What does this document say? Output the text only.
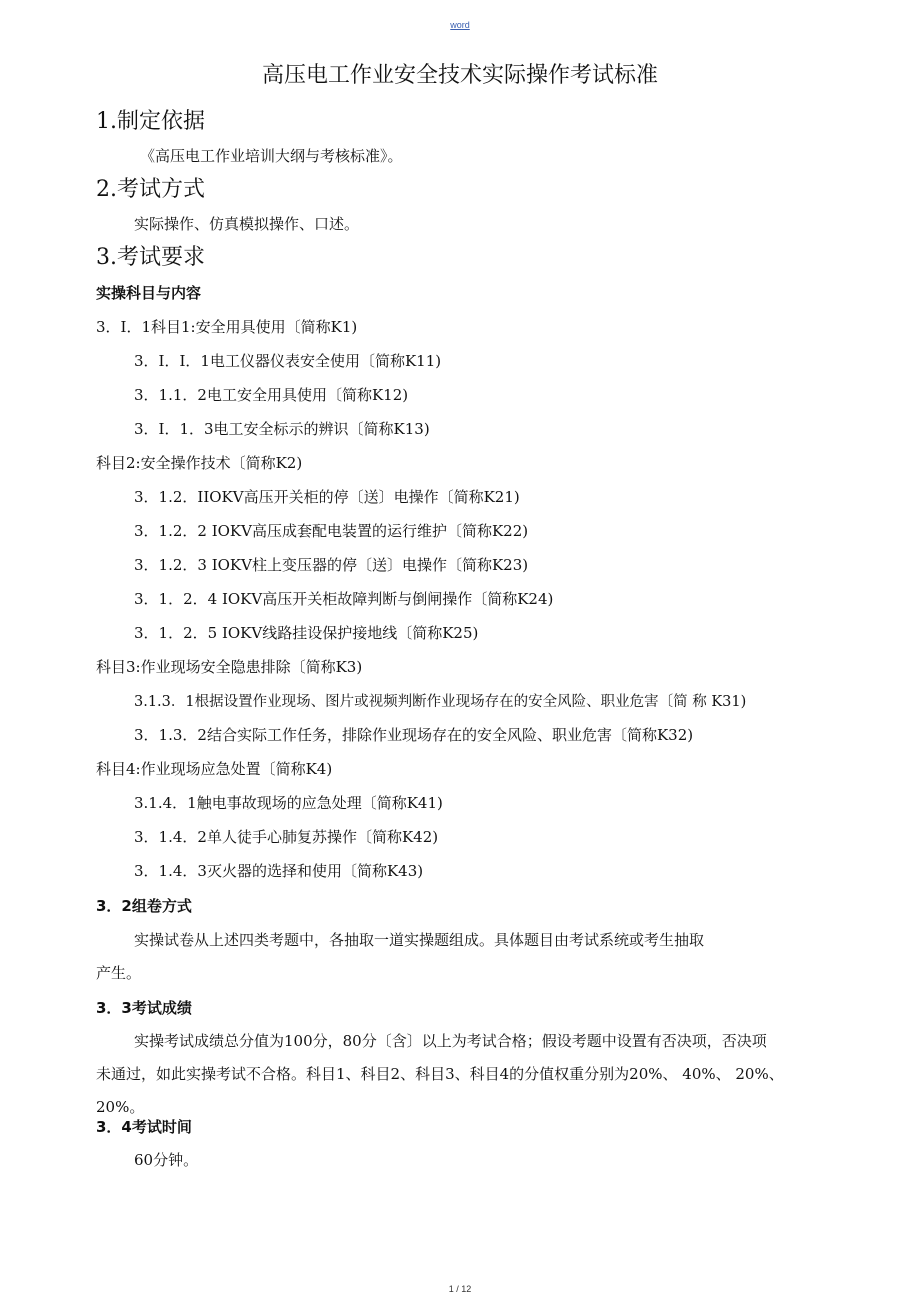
word
高压电工作业安全技术实际操作考试标准
1.制定依据
《高压电工作业培训大纲与考核标准》。
2.考试方式
实际操作、仿真模拟操作、口述。
3.考试要求
实操科目与内容
3．I．1科目1:安全用具使用〔简称K1)
3．I．I．1电工仪器仪表安全使用〔简称K11)
3．1.1．2电工安全用具使用〔简称K12)
3．I．1．3电工安全标示的辨识〔简称K13)
科目2:安全操作技术〔简称K2)
3．1.2．IIOKV高压开关柜的停〔送〕电操作〔简称K21)
3．1.2．2 IOKV高压成套配电装置的运行维护〔简称K22)
3．1.2．3 IOKV柱上变压器的停〔送〕电操作〔简称K23)
3．1．2．4 IOKV高压开关柜故障判断与倒闸操作〔简称K24)
3．1．2．5 IOKV线路挂设保护接地线〔简称K25)
科目3:作业现场安全隐患排除〔简称K3)
3.1.3．1根据设置作业现场、图片或视频判断作业现场存在的安全风险、职业危害〔简 称 K31)
3．1.3．2结合实际工作任务，排除作业现场存在的安全风险、职业危害〔简称K32)
科目4:作业现场应急处置〔简称K4)
3.1.4．1触电事故现场的应急处理〔简称K41)
3．1.4．2单人徒手心肺复苏操作〔简称K42)
3．1.4．3灭火器的选择和使用〔简称K43)
3．2组卷方式
实操试卷从上述四类考题中，各抽取一道实操题组成。具体题目由考试系统或考生抽取
产生。
3．3考试成绩
实操考试成绩总分值为100分，80分〔含〕以上为考试合格；假设考题中设置有否决项，否决项
未通过，如此实操考试不合格。科目1、科目2、科目3、科目4的分值权重分别为20%、 40%、 20%、
20%。
3．4考试时间
60分钟。
1 / 12
